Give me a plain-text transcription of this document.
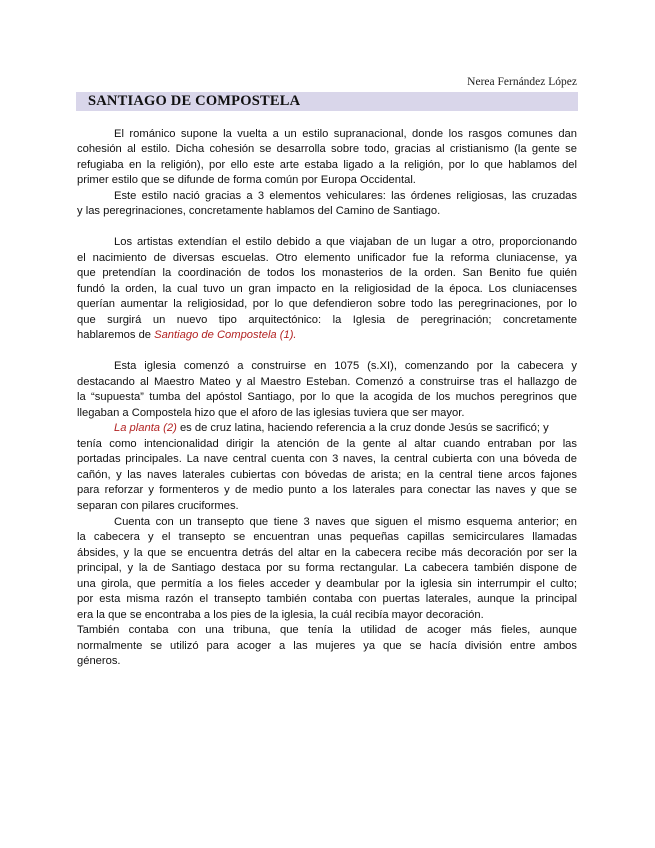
Nerea Fernández López
SANTIAGO DE COMPOSTELA
El románico supone la vuelta a un estilo supranacional, donde los rasgos comunes dan
cohesión al estilo. Dicha cohesión se desarrolla sobre todo, gracias al cristianismo (la gente se
refugiaba en la religión), por ello este arte estaba ligado a la religión, por lo que hablamos del
primer estilo que se difunde de forma común por Europa Occidental.
Este estilo nació gracias a 3 elementos vehiculares: las órdenes religiosas, las cruzadas
y las peregrinaciones, concretamente hablamos del Camino de Santiago.
Los artistas extendían el estilo debido a que viajaban de un lugar a otro, proporcionando
el nacimiento de diversas escuelas. Otro elemento unificador fue la reforma cluniacense, ya
que pretendían la coordinación de todos los monasterios de la orden. San Benito fue quién
fundó la orden, la cual tuvo un gran impacto en la religiosidad de la época. Los cluniacenses
querían aumentar la religiosidad, por lo que defendieron sobre todo las peregrinaciones, por lo
que surgirá un nuevo tipo arquitectónico: la Iglesia de peregrinación; concretamente
hablaremos de Santiago de Compostela (1).
Esta iglesia comenzó a construirse en 1075 (s.XI), comenzando por la cabecera y
destacando al Maestro Mateo y al Maestro Esteban. Comenzó a construirse tras el hallazgo de
la “supuesta” tumba del apóstol Santiago, por lo que la acogida de los muchos peregrinos que
llegaban a Compostela hizo que el aforo de las iglesias tuviera que ser mayor.
La planta (2) es de cruz latina, haciendo referencia a la cruz donde Jesús se sacrificó; y
tenía como intencionalidad dirigir la atención de la gente al altar cuando entraban por las
portadas principales. La nave central cuenta con 3 naves, la central cubierta con una bóveda de
cañón, y las naves laterales cubiertas con bóvedas de arista; en la central tiene arcos fajones
para reforzar y formenteros y de medio punto a los laterales para conectar las naves y que se
separan con pilares cruciformes.
Cuenta con un transepto que tiene 3 naves que siguen el mismo esquema anterior; en
la cabecera y el transepto se encuentran unas pequeñas capillas semicirculares llamadas
ábsides, y la que se encuentra detrás del altar en la cabecera recibe más decoración por ser la
principal, y la de Santiago destaca por su forma rectangular. La cabecera también dispone de
una girola, que permitía a los fieles acceder y deambular por la iglesia sin interrumpir el culto;
por esta misma razón el transepto también contaba con puertas laterales, aunque la principal
era la que se encontraba a los pies de la iglesia, la cuál recibía mayor decoración.
También contaba con una tribuna, que tenía la utilidad de acoger más fieles, aunque
normalmente se utilizó para acoger a las mujeres ya que se hacía división entre ambos
géneros.
